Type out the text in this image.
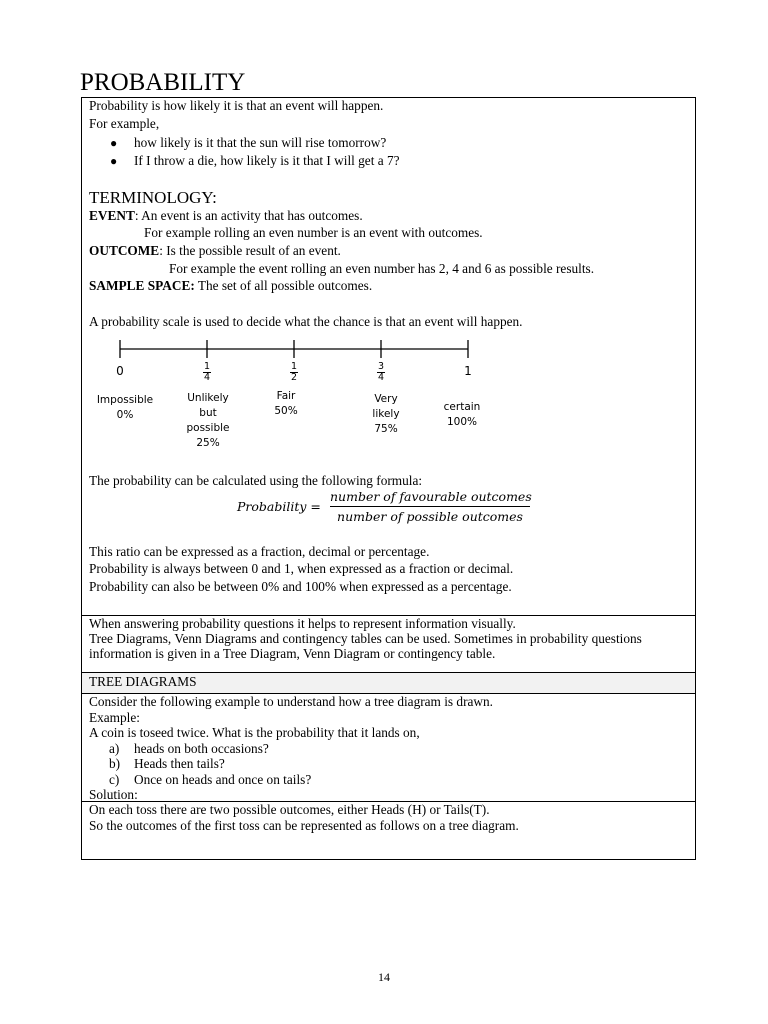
PROBABILITY
Probability is how likely it is that an event will happen.
For example,
● how likely is it that the sun will rise tomorrow?
● If I throw a die, how likely is it that I will get a 7?
TERMINOLOGY:
EVENT: An event is an activity that has outcomes.
For example rolling an even number is an event with outcomes.
OUTCOME: Is the possible result of an event.
For example the event rolling an even number has 2, 4 and 6 as possible results.
SAMPLE SPACE: The set of all possible outcomes.
A probability scale is used to decide what the chance is that an event will happen.
0	$\frac{1}{4} \frac{1}{2} \frac{3}{4}$	1
Impossible
0%
Unlikely
but
possible
25%
Fair
50%
Very
likely
75%
certain
100%
The probability can be calculated using the following formula:
Probability =
number of favourable outcomes
number of possible outcomes
This ratio can be expressed as a fraction, decimal or percentage.
Probability is always between 0 and 1, when expressed as a fraction or decimal.
Probability can also be between 0% and 100% when expressed as a percentage.
When answering probability questions it helps to represent information visually.
Tree Diagrams, Venn Diagrams and contingency tables can be used. Sometimes in probability questions
information is given in a Tree Diagram, Venn Diagram or contingency table.
TREE DIAGRAMS
Consider the following example to understand how a tree diagram is drawn.
Example:
A coin is toseed twice. What is the probability that it lands on,
a) heads on both occasions?
b) Heads then tails?
c) Once on heads and once on tails?
Solution:
On each toss there are two possible outcomes, either Heads (H) or Tails(T).
So the outcomes of the first toss can be represented as follows on a tree diagram.
14
